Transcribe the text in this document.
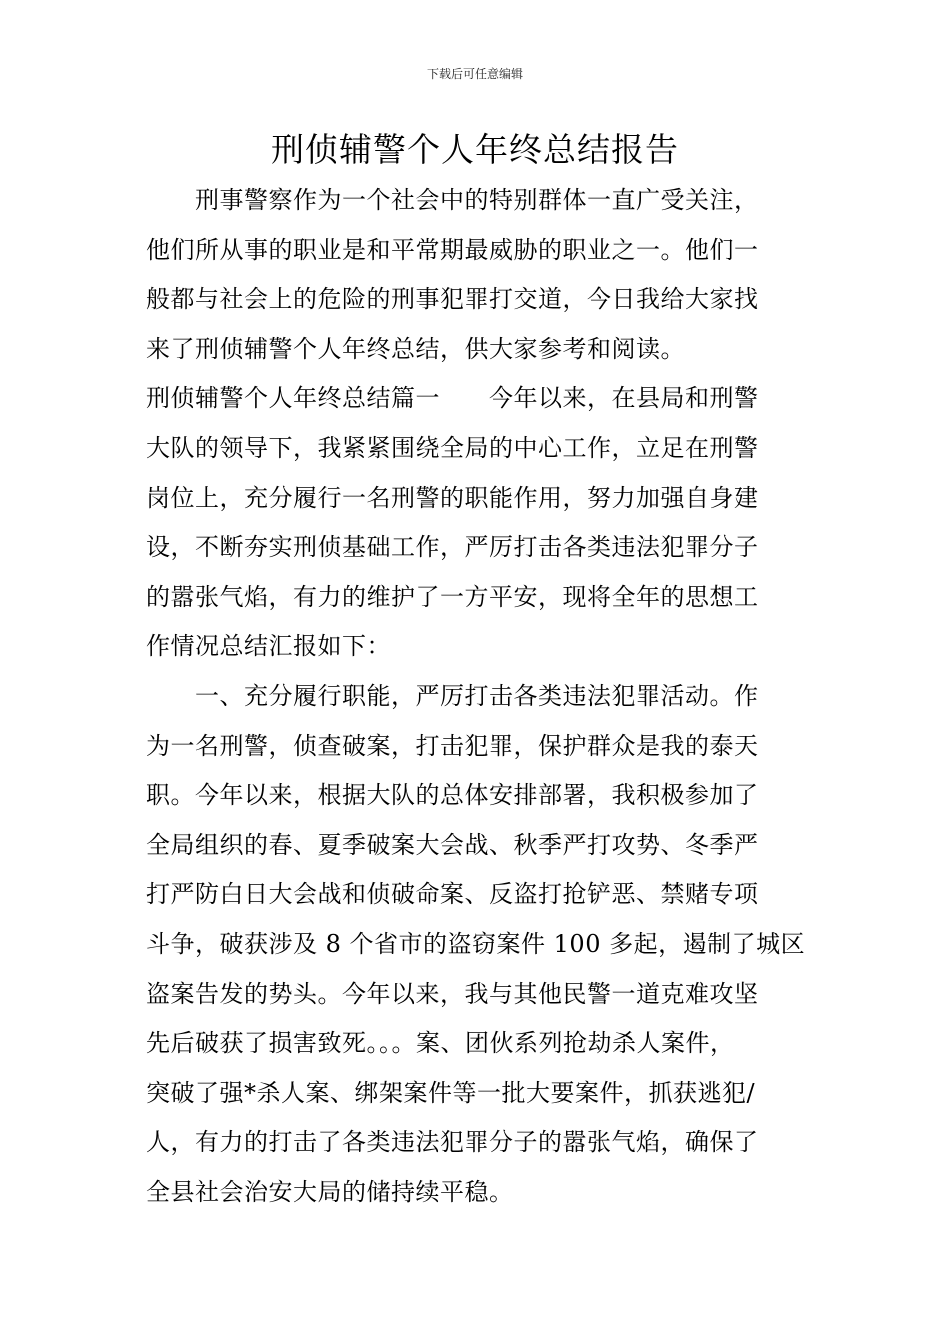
下载后可任意编辑
刑侦辅警个人年终总结报告

　　刑事警察作为一个社会中的特别群体一直广受关注，

他们所从事的职业是和平常期最威胁的职业之一。他们一

般都与社会上的危险的刑事犯罪打交道，今日我给大家找

来了刑侦辅警个人年终总结，供大家参考和阅读。

刑侦辅警个人年终总结篇一　　今年以来，在县局和刑警

大队的领导下，我紧紧围绕全局的中心工作，立足在刑警

岗位上，充分履行一名刑警的职能作用，努力加强自身建

设，不断夯实刑侦基础工作，严厉打击各类违法犯罪分子

的嚣张气焰，有力的维护了一方平安，现将全年的思想工

作情况总结汇报如下：

　　一、充分履行职能，严厉打击各类违法犯罪活动。作

为一名刑警，侦查破案，打击犯罪，保护群众是我的泰天

职。今年以来，根据大队的总体安排部署，我积极参加了

全局组织的春、夏季破案大会战、秋季严打攻势、冬季严

打严防白日大会战和侦破命案、反盗打抢铲恶、禁赌专项

斗争，破获涉及 8 个省市的盗窃案件 100 多起，遏制了城区

盗案告发的势头。今年以来，我与其他民警一道克难攻坚

先后破获了损害致死。。。案、团伙系列抢劫杀人案件，

突破了强*杀人案、绑架案件等一批大要案件，抓获逃犯/

人，有力的打击了各类违法犯罪分子的嚣张气焰，确保了

全县社会治安大局的储持续平稳。
